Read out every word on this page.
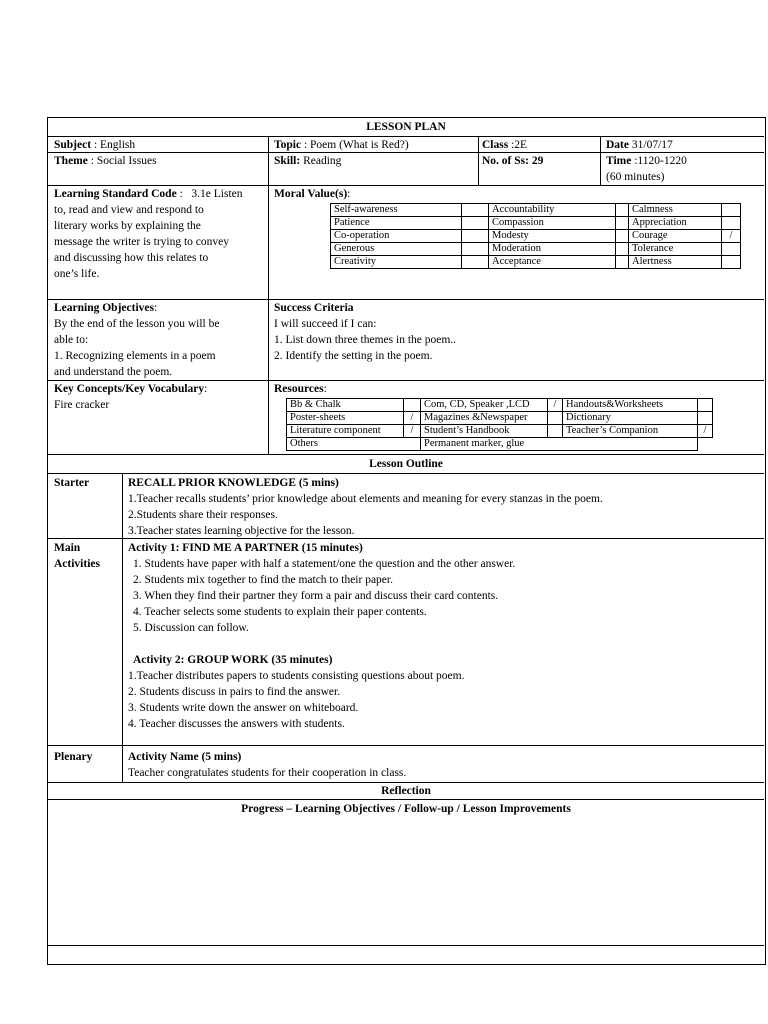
LESSON PLAN
Subject : English	Topic : Poem (What is Red?)	Class :2E	Date 31/07/17
Theme : Social Issues	Skill: Reading	No. of Ss: 29	Time :1120-1220
(60 minutes)
Learning Standard Code :   3.1e Listen
to, read and view and respond to
literary works by explaining the
message the writer is trying to convey
and discussing how this relates to
one’s life.
Moral Value(s):
Self-awareness		Accountability		Calmness	
Patience		Compassion		Appreciation	
Co-operation		Modesty		Courage	/
Generous		Moderation		Tolerance	
Creativity		Acceptance		Alertness	
Learning Objectives:
By the end of the lesson you will be
able to:
1. Recognizing elements in a poem
and understand the poem.
Success Criteria
I will succeed if I can:
1. List down three themes in the poem..
2. Identify the setting in the poem.
Key Concepts/Key Vocabulary:
Fire cracker
Resources:
Bb & Chalk		Com, CD, Speaker ,LCD	/	Handouts&Worksheets	
Poster-sheets	/	Magazines &Newspaper		Dictionary	
Literature component	/	Student’s Handbook		Teacher’s Companion	/
Others		Permanent marker, glue			
Lesson Outline
Starter	RECALL PRIOR KNOWLEDGE (5 mins)
1.Teacher recalls students’ prior knowledge about elements and meaning for every stanzas in the poem.
2.Students share their responses.
3.Teacher states learning objective for the lesson.
Main
Activities
Activity 1: FIND ME A PARTNER (15 minutes)
1. Students have paper with half a statement/one the question and the other answer.
2. Students mix together to find the match to their paper.
3. When they find their partner they form a pair and discuss their card contents.
4. Teacher selects some students to explain their paper contents.
5. Discussion can follow.
Activity 2: GROUP WORK (35 minutes)
1.Teacher distributes papers to students consisting questions about poem.
2. Students discuss in pairs to find the answer.
3. Students write down the answer on whiteboard.
4. Teacher discusses the answers with students.
Plenary	Activity Name (5 mins)
Teacher congratulates students for their cooperation in class.
Reflection
Progress – Learning Objectives / Follow-up / Lesson Improvements
